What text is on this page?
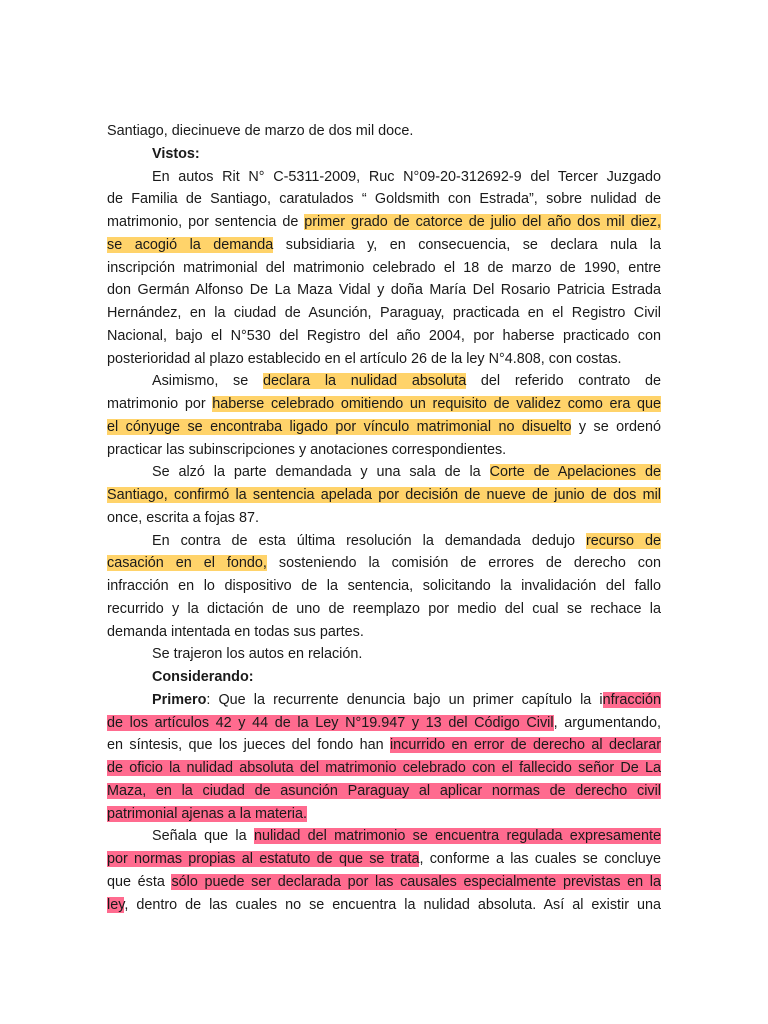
Santiago, diecinueve de marzo de dos mil doce.
Vistos:
En autos Rit N° C-5311-2009, Ruc N°09-20-312692-9 del Tercer Juzgado
de Familia de Santiago, caratulados “ Goldsmith con Estrada”, sobre nulidad de
matrimonio, por sentencia de primer grado de catorce de julio del año dos mil diez,
se acogió la demanda subsidiaria y, en consecuencia, se declara nula la
inscripción matrimonial del matrimonio celebrado el 18 de marzo de 1990, entre
don Germán Alfonso De La Maza Vidal y doña María Del Rosario Patricia Estrada
Hernández, en la ciudad de Asunción, Paraguay, practicada en el Registro Civil
Nacional, bajo el N°530 del Registro del año 2004, por haberse practicado con
posterioridad al plazo establecido en el artículo 26 de la ley N°4.808, con costas.
Asimismo, se declara la nulidad absoluta del referido contrato de
matrimonio por haberse celebrado omitiendo un requisito de validez como era que
el cónyuge se encontraba ligado por vínculo matrimonial no disuelto y se ordenó
practicar las subinscripciones y anotaciones correspondientes.
Se alzó la parte demandada y una sala de la Corte de Apelaciones de
Santiago, confirmó la sentencia apelada por decisión de nueve de junio de dos mil
once, escrita a fojas 87.
En contra de esta última resolución la demandada dedujo recurso de
casación en el fondo, sosteniendo la comisión de errores de derecho con
infracción en lo dispositivo de la sentencia, solicitando la invalidación del fallo
recurrido y la dictación de uno de reemplazo por medio del cual se rechace la
demanda intentada en todas sus partes.
Se trajeron los autos en relación.
Considerando:
Primero: Que la recurrente denuncia bajo un primer capítulo la infracción
de los artículos 42 y 44 de la Ley N°19.947 y 13 del Código Civil, argumentando,
en síntesis, que los jueces del fondo han incurrido en error de derecho al declarar
de oficio la nulidad absoluta del matrimonio celebrado con el fallecido señor De La
Maza, en la ciudad de asunción Paraguay al aplicar normas de derecho civil
patrimonial ajenas a la materia.
Señala que la nulidad del matrimonio se encuentra regulada expresamente
por normas propias al estatuto de que se trata, conforme a las cuales se concluye
que ésta sólo puede ser declarada por las causales especialmente previstas en la
ley, dentro de las cuales no se encuentra la nulidad absoluta. Así al existir una
